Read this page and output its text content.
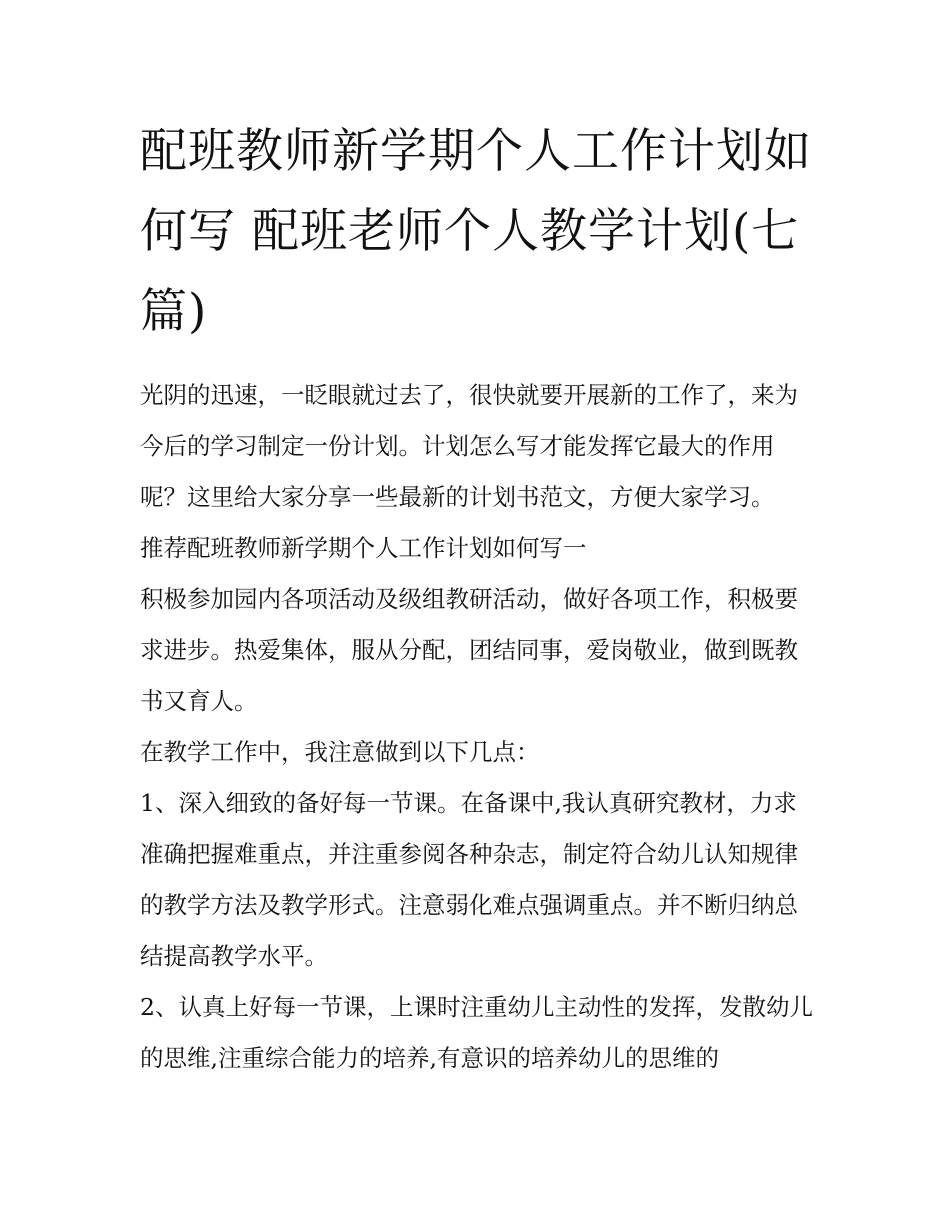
配班教师新学期个人工作计划如何写 配班老师个人教学计划(七篇)

光阴的迅速，一眨眼就过去了，很快就要开展新的工作了，来为今后的学习制定一份计划。计划怎么写才能发挥它最大的作用呢？这里给大家分享一些最新的计划书范文，方便大家学习。

推荐配班教师新学期个人工作计划如何写一

积极参加园内各项活动及级组教研活动，做好各项工作，积极要求进步。热爱集体，服从分配，团结同事，爱岗敬业，做到既教书又育人。

在教学工作中，我注意做到以下几点：

1、深入细致的备好每一节课。在备课中,我认真研究教材，力求准确把握难重点，并注重参阅各种杂志，制定符合幼儿认知规律的教学方法及教学形式。注意弱化难点强调重点。并不断归纳总结提高教学水平。

2、认真上好每一节课，上课时注重幼儿主动性的发挥，发散幼儿的思维,注重综合能力的培养,有意识的培养幼儿的思维的
